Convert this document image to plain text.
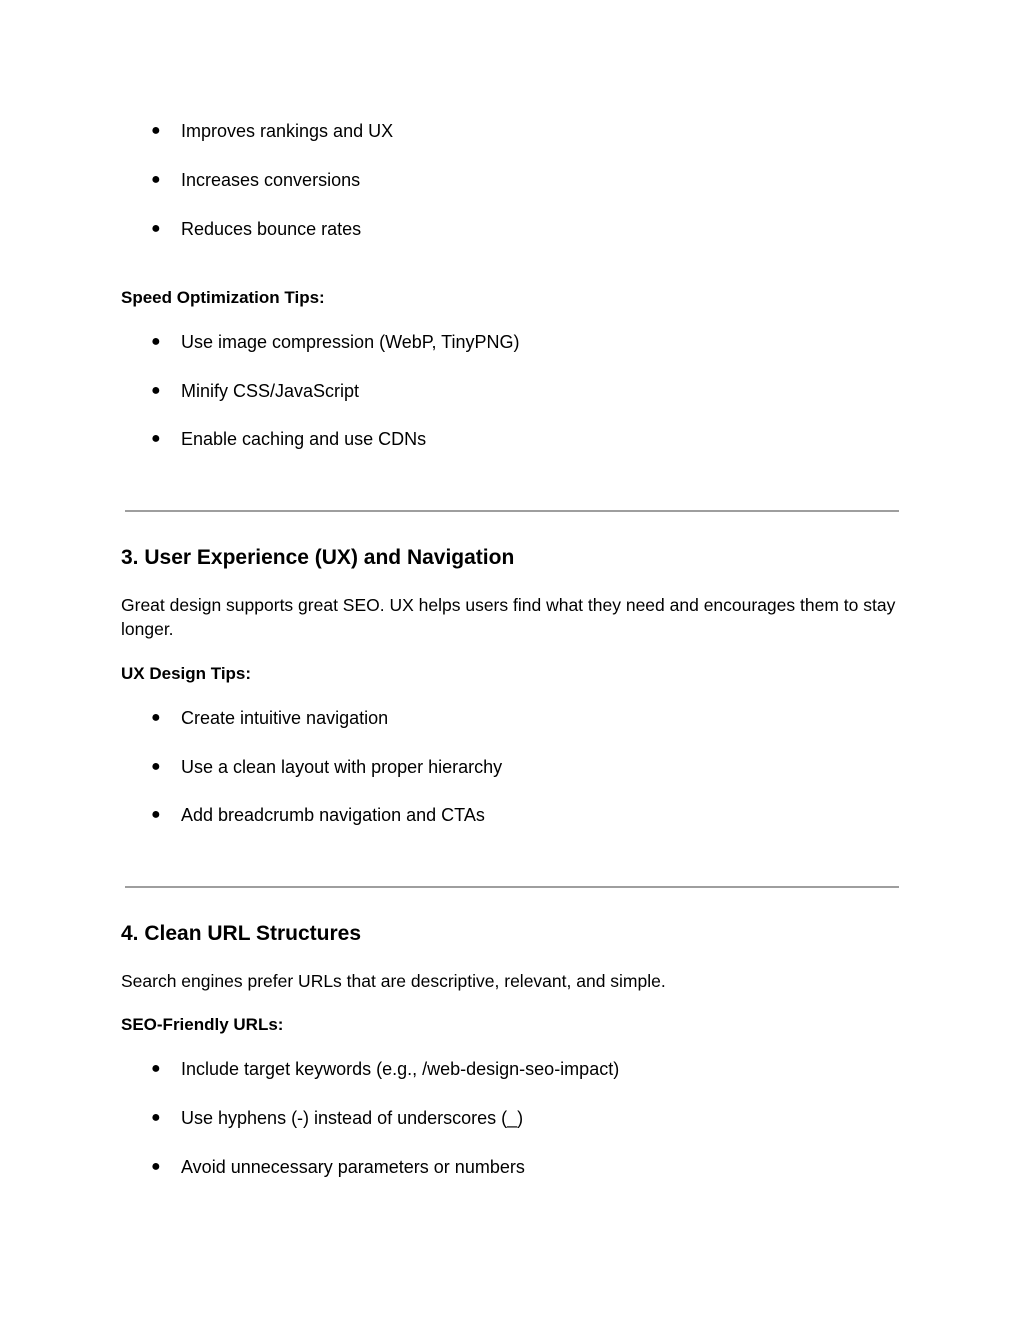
● Improves rankings and UX
● Increases conversions
● Reduces bounce rates
Speed Optimization Tips:
● Use image compression (WebP, TinyPNG)
● Minify CSS/JavaScript
● Enable caching and use CDNs
3. User Experience (UX) and Navigation
Great design supports great SEO. UX helps users find what they need and encourages them to stay longer.
UX Design Tips:
● Create intuitive navigation
● Use a clean layout with proper hierarchy
● Add breadcrumb navigation and CTAs
4. Clean URL Structures
Search engines prefer URLs that are descriptive, relevant, and simple.
SEO-Friendly URLs:
● Include target keywords (e.g., /web-design-seo-impact)
● Use hyphens (-) instead of underscores (_)
● Avoid unnecessary parameters or numbers
